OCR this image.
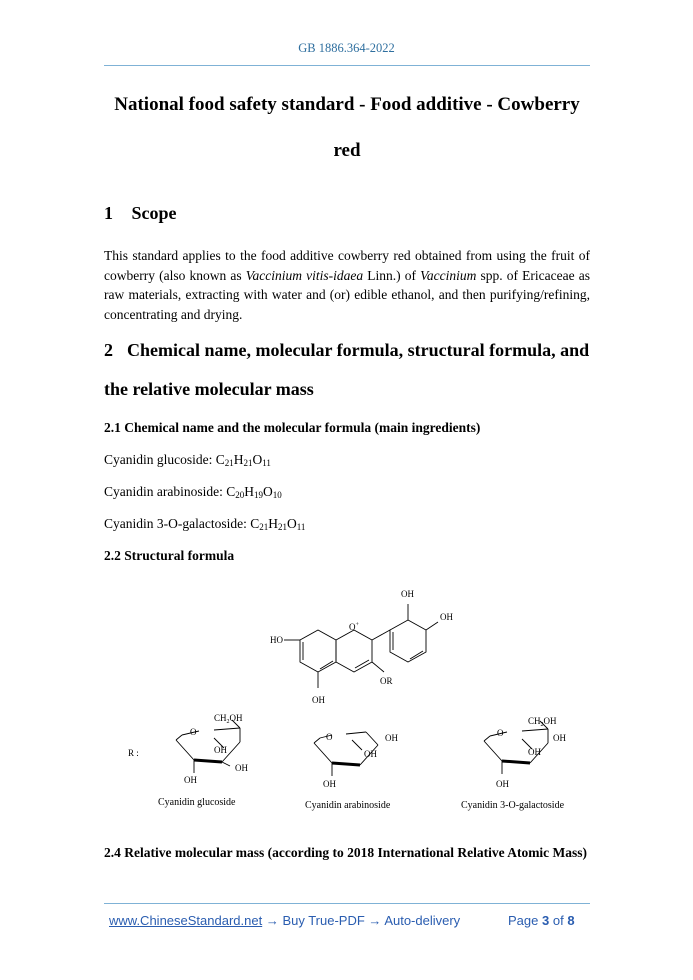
GB 1886.364-2022
National food safety standard - Food additive - Cowberry
red
1 Scope
This standard applies to the food additive cowberry red obtained from using the fruit of cowberry (also known as Vaccinium vitis-idaea Linn.) of Vaccinium spp. of Ericaceae as raw materials, extracting with water and (or) edible ethanol, and then purifying/refining, concentrating and drying.
2 Chemical name, molecular formula, structural formula, and
the relative molecular mass
2.1 Chemical name and the molecular formula (main ingredients)
Cyanidin glucoside: $C_{21}H_{21}O_{11}$
Cyanidin arabinoside: $C_{20}H_{19}O_{10}$
Cyanidin 3-O-galactoside: $C_{21}H_{21}O_{11}$
2.2 Structural formula
HO
O+
OR
OH
OH
OH
R :
O
$CH_2OH$
OH
OH
OH
O	OH
OH
OH
O
$CH_2OH$
OH
OH
OH
Cyanidin glucoside	Cyanidin arabinoside	Cyanidin 3-O-galactoside
2.4 Relative molecular mass (according to 2018 International Relative Atomic Mass)
www.ChineseStandard.net → Buy True-PDF → Auto-delivery	Page 3 of 8
